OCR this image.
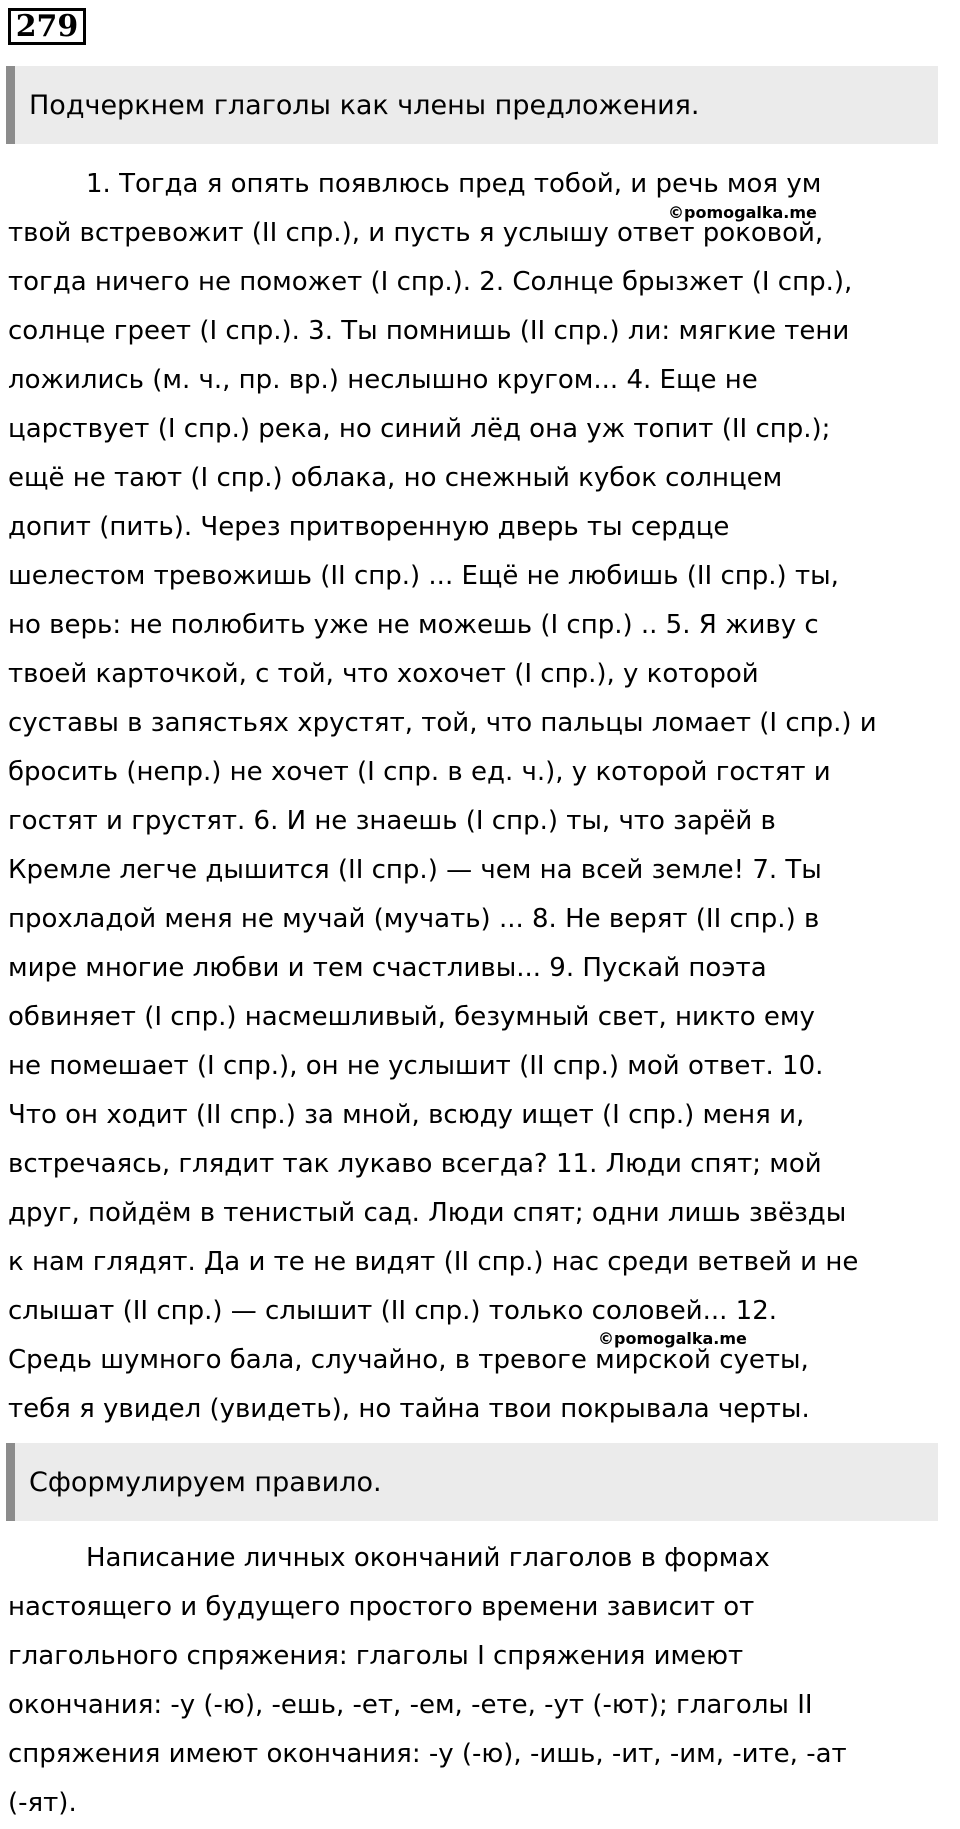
279
Подчеркнем глаголы как члены предложения.
   1. Тогда я опять появлюсь пред тобой, и речь моя ум
твой встревожит (II спр.), и пусть я услышу ответ роковой,
тогда ничего не поможет (I спр.). 2. Солнце брызжет (I спр.),
солнце греет (I спр.). 3. Ты помнишь (II спр.) ли: мягкие тени
ложились (м. ч., пр. вр.) неслышно кругом... 4. Еще не
царствует (I спр.) река, но синий лёд она уж топит (II спр.);
ещё не тают (I спр.) облака, но снежный кубок солнцем
допит (пить). Через притворенную дверь ты сердце
шелестом тревожишь (II спр.) ... Ещё не любишь (II спр.) ты,
но верь: не полюбить уже не можешь (I спр.) .. 5. Я живу с
твоей карточкой, с той, что хохочет (I спр.), у которой
суставы в запястьях хрустят, той, что пальцы ломает (I спр.) и
бросить (непр.) не хочет (I спр. в ед. ч.), у которой гостят и
гостят и грустят. 6. И не знаешь (I спр.) ты, что зарёй в
Кремле легче дышится (II спр.) — чем на всей земле! 7. Ты
прохладой меня не мучай (мучать) ... 8. Не верят (II спр.) в
мире многие любви и тем счастливы... 9. Пускай поэта
обвиняет (I спр.) насмешливый, безумный свет, никто ему
не помешает (I спр.), он не услышит (II спр.) мой ответ. 10.
Что он ходит (II спр.) за мной, всюду ищет (I спр.) меня и,
встречаясь, глядит так лукаво всегда? 11. Люди спят; мой
друг, пойдём в тенистый сад. Люди спят; одни лишь звёзды
к нам глядят. Да и те не видят (II спр.) нас среди ветвей и не
слышат (II спр.) — слышит (II спр.) только соловей... 12.
Средь шумного бала, случайно, в тревоге мирской суеты,
тебя я увидел (увидеть), но тайна твои покрывала черты.
©pomogalka.me
©pomogalka.me
Сформулируем правило.
   Написание личных окончаний глаголов в формах
настоящего и будущего простого времени зависит от
глагольного спряжения: глаголы I спряжения имеют
окончания: -у (-ю), -ешь, -ет, -ем, -ете, -ут (-ют); глаголы II
спряжения имеют окончания: -у (-ю), -ишь, -ит, -им, -ите, -ат
(-ят).
